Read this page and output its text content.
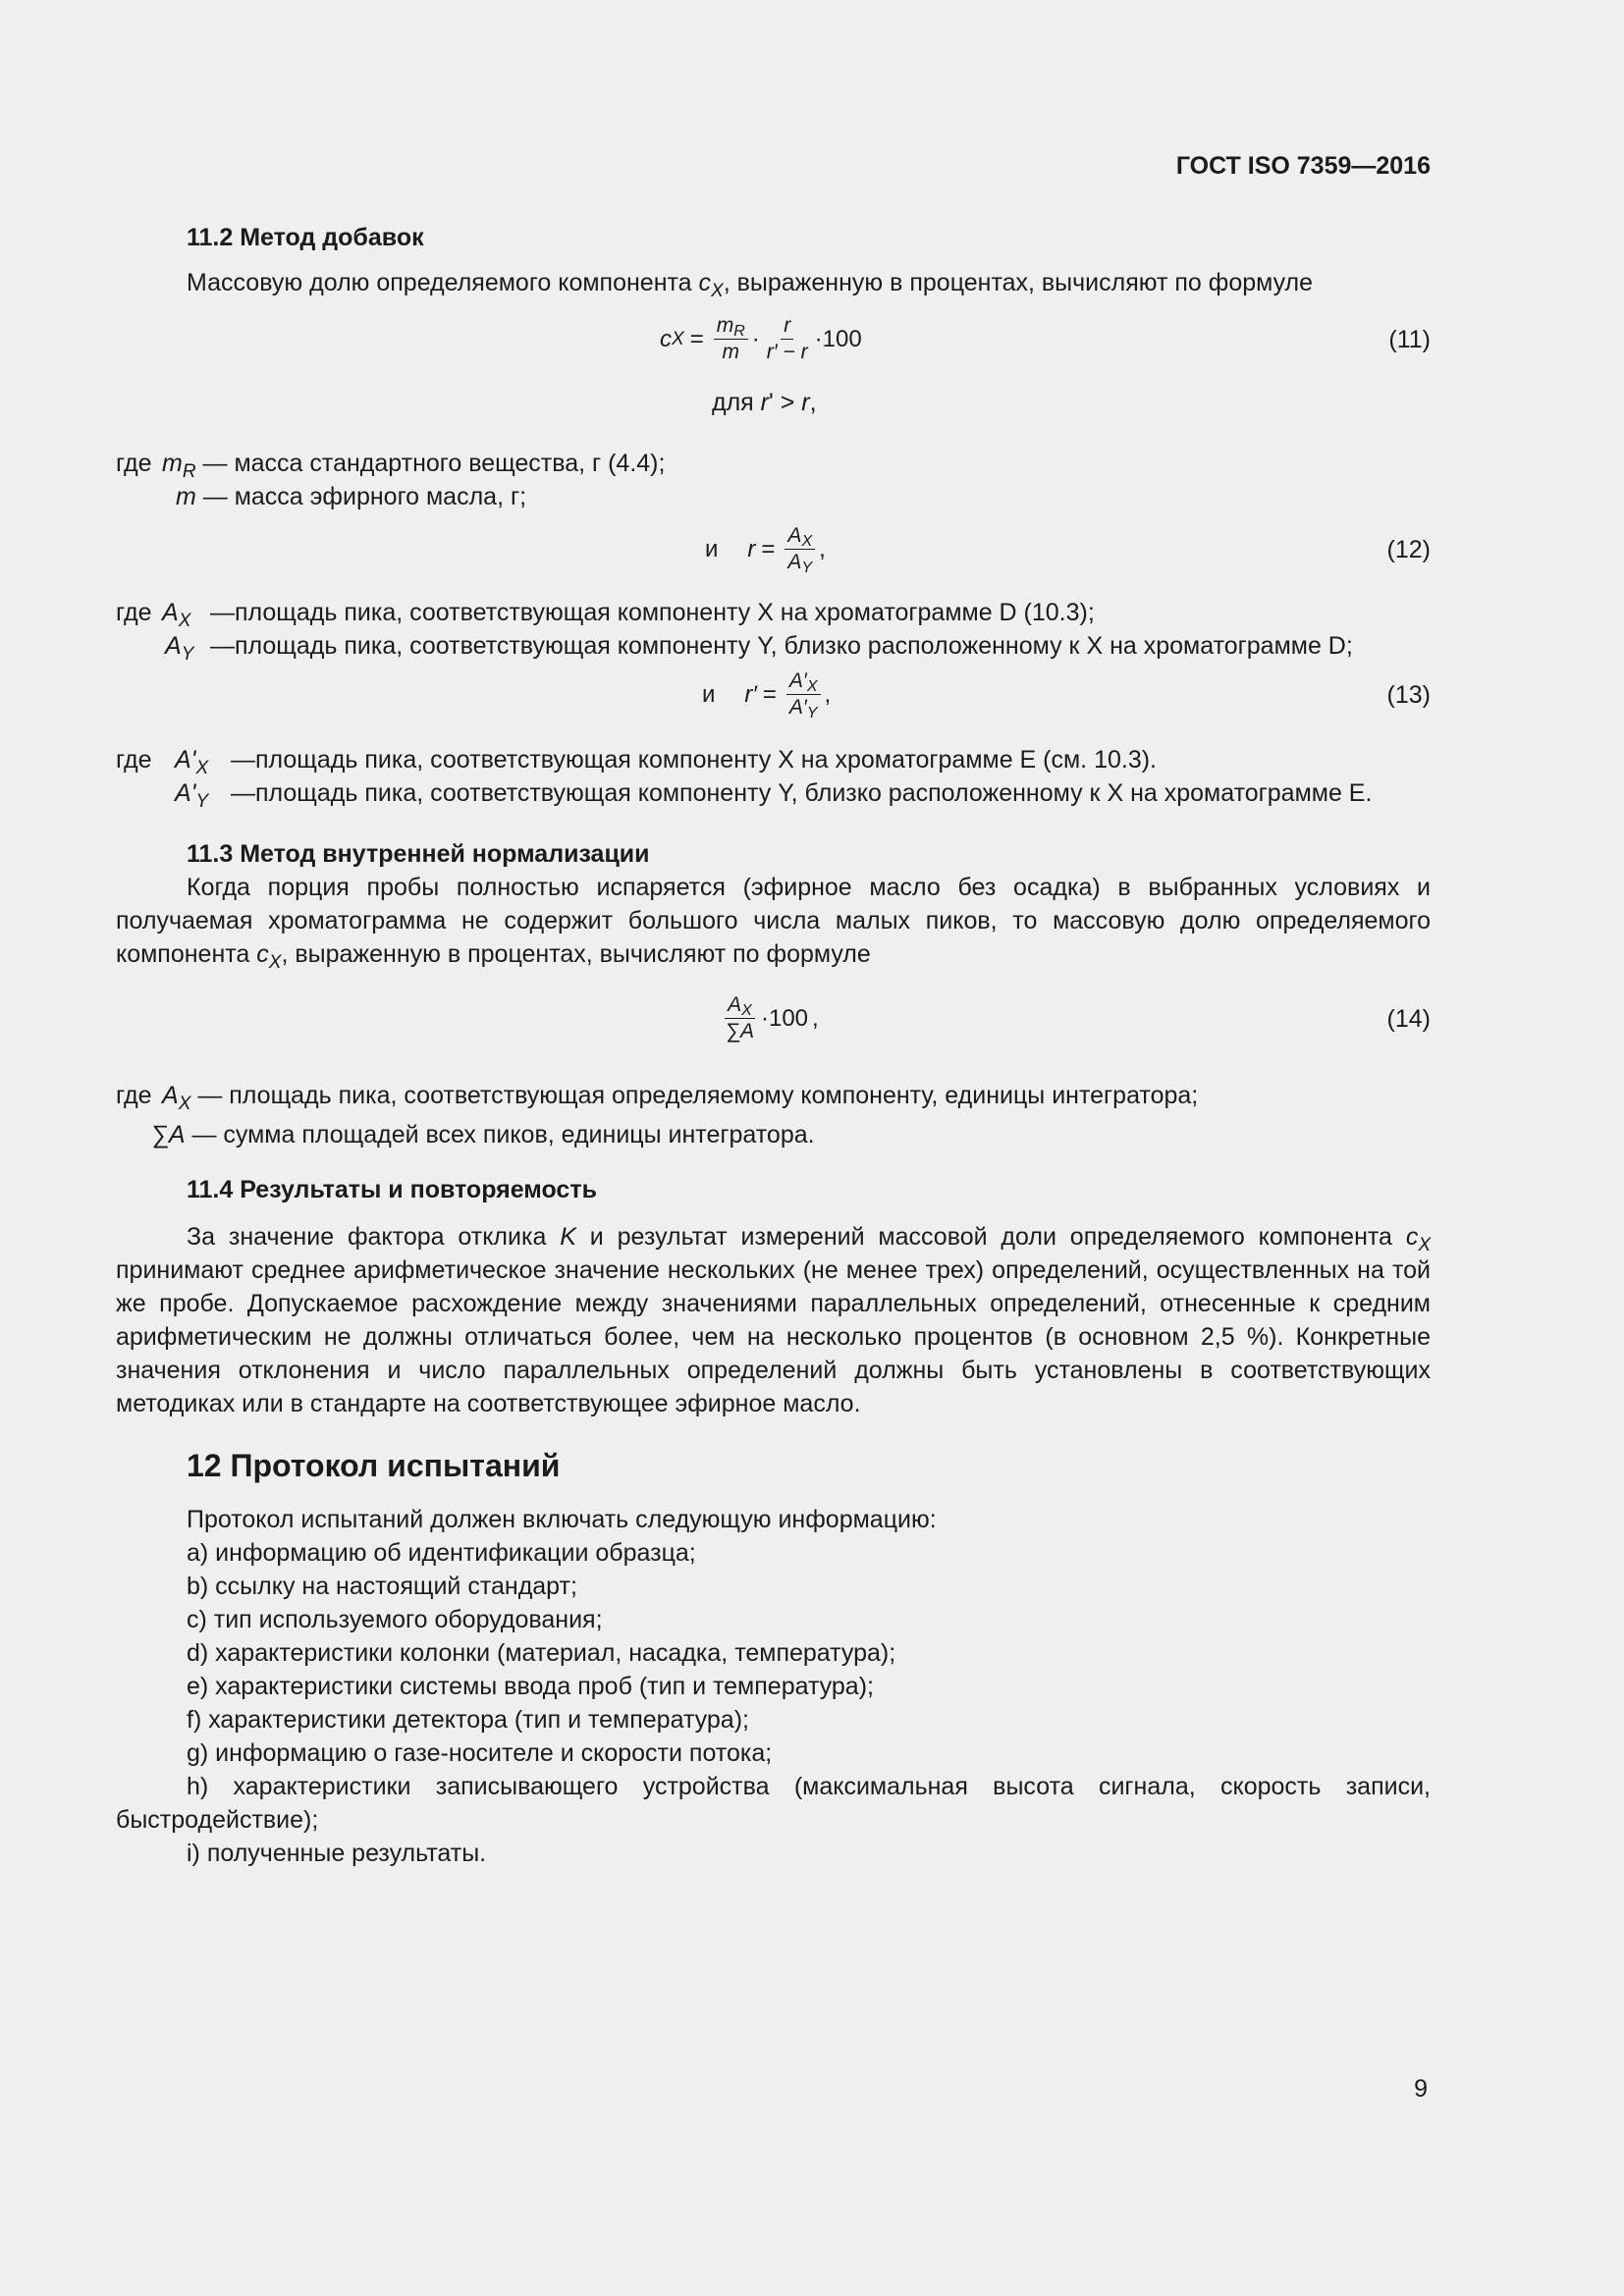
ГОСТ ISO 7359—2016

11.2 Метод добавок

Массовую долю определяемого компонента $c_X$, выраженную в процентах, вычисляют по формуле

c $X = \frac{m_R}{m} \cdot \frac{r}{r' - r} \cdot 100$	(11)

для r' > r,

где $m_R$ — масса стандартного вещества, г (4.4);
m — масса эфирного масла, г;
и $r = \frac{A_X}{A_Y}$ ,	(12)
где $A_X$ — площадь пика, соответствующая компоненту X на хроматограмме D (10.3);
$A_Y$ — площадь пика, соответствующая компоненту Y, близко расположенному к X на хроматограмме D;
и $r' = \frac{A'_X}{A'_Y}$ ,	(13)
где $A'_X$ — площадь пика, соответствующая компоненту X на хроматограмме E (см. 10.3).
$A'_Y$ — площадь пика, соответствующая компоненту Y, близко расположенному к X на хроматограмме E.

11.3 Метод внутренней нормализации

Когда порция пробы полностью испаряется (эфирное масло без осадка) в выбранных условиях и получаемая хроматограмма не содержит большого числа малых пиков, то массовую долю определяемого компонента $c_X$, выраженную в процентах, вычисляют по формуле

$\frac{A_X}{\sum A} \cdot 100$ ,	(14)
где $A_X$ — площадь пика, соответствующая определяемому компоненту, единицы интегратора;
∑A — сумма площадей всех пиков, единицы интегратора.

11.4 Результаты и повторяемость

За значение фактора отклика K и результат измерений массовой доли определяемого компонента $c_X$ принимают среднее арифметическое значение нескольких (не менее трех) определений, осуществленных на той же пробе. Допускаемое расхождение между значениями параллельных определений, отнесенные к средним арифметическим не должны отличаться более, чем на несколько процентов (в основном 2,5 %). Конкретные значения отклонения и число параллельных определений должны быть установлены в соответствующих методиках или в стандарте на соответствующее эфирное масло.

12 Протокол испытаний

Протокол испытаний должен включать следующую информацию:

a) информацию об идентификации образца;

b) ссылку на настоящий стандарт;

c) тип используемого оборудования;

d) характеристики колонки (материал, насадка, температура);

e) характеристики системы ввода проб (тип и температура);

f) характеристики детектора (тип и температура);

g) информацию о газе-носителе и скорости потока;

h) характеристики записывающего устройства (максимальная высота сигнала, скорость записи, быстродействие);

i) полученные результаты.

9
